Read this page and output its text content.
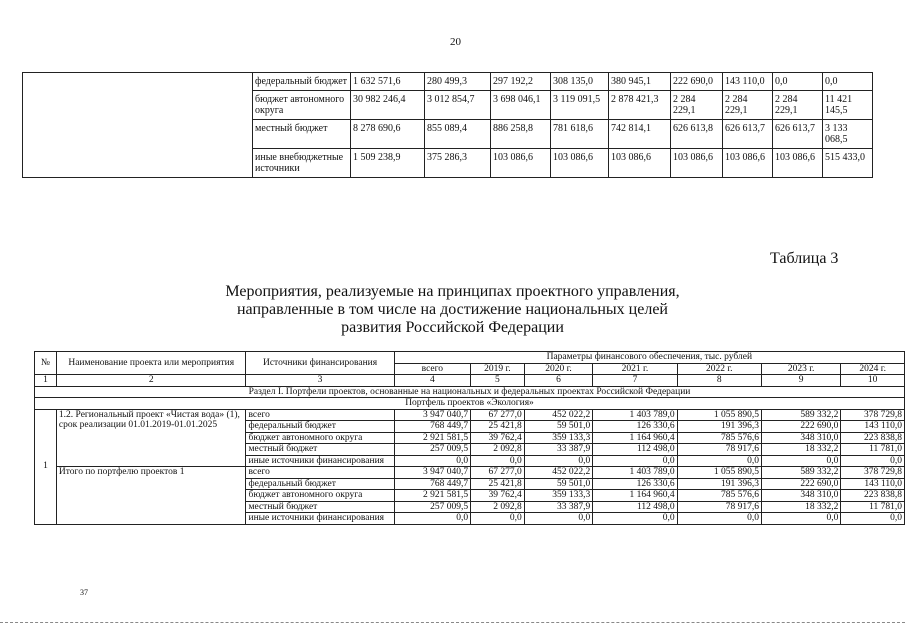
20
	федеральный бюджет	1 632 571,6	280 499,3	297 192,2	308 135,0	380 945,1	222 690,0	143 110,0	0,0	0,0
	бюджет автономного округа	30 982 246,4	3 012 854,7	3 698 046,1	3 119 091,5	2 878 421,3	2 284 229,1	2 284 229,1	2 284 229,1	11 421 145,5
	местный бюджет	8 278 690,6	855 089,4	886 258,8	781 618,6	742 814,1	626 613,8	626 613,7	626 613,7	3 133 068,5
	иные внебюджетные источники	1 509 238,9	375 286,3	103 086,6	103 086,6	103 086,6	103 086,6	103 086,6	103 086,6	515 433,0
Таблица 3
Мероприятия, реализуемые на принципах проектного управления,
направленные в том числе на достижение национальных целей
развития Российской Федерации
№	Наименование проекта или мероприятия	Источники финансирования	Параметры финансового обеспечения, тыс. рублей						
			всего	2019 г.	2020 г.	2021 г.	2022 г.	2023 г.	2024 г.
1	2	3	4	5	6	7	8	9	10
Раздел I. Портфели проектов, основанные на национальных и федеральных проектах Российской Федерации									
Портфель проектов «Экология»									
1	1.2. Региональный проект «Чистая вода» (1), срок реализации 01.01.2019-01.01.2025	всего	3 947 040,7	67 277,0	452 022,2	1 403 789,0	1 055 890,5	589 332,2	378 729,8
		федеральный бюджет	768 449,7	25 421,8	59 501,0	126 330,6	191 396,3	222 690,0	143 110,0
		бюджет автономного округа	2 921 581,5	39 762,4	359 133,3	1 164 960,4	785 576,6	348 310,0	223 838,8
		местный бюджет	257 009,5	2 092,8	33 387,9	112 498,0	78 917,6	18 332,2	11 781,0
		иные источники финансирования	0,0	0,0	0,0	0,0	0,0	0,0	0,0
	Итого по портфелю проектов 1	всего	3 947 040,7	67 277,0	452 022,2	1 403 789,0	1 055 890,5	589 332,2	378 729,8
		федеральный бюджет	768 449,7	25 421,8	59 501,0	126 330,6	191 396,3	222 690,0	143 110,0
		бюджет автономного округа	2 921 581,5	39 762,4	359 133,3	1 164 960,4	785 576,6	348 310,0	223 838,8
		местный бюджет	257 009,5	2 092,8	33 387,9	112 498,0	78 917,6	18 332,2	11 781,0
		иные источники финансирования	0,0	0,0	0,0	0,0	0,0	0,0	0,0
37
